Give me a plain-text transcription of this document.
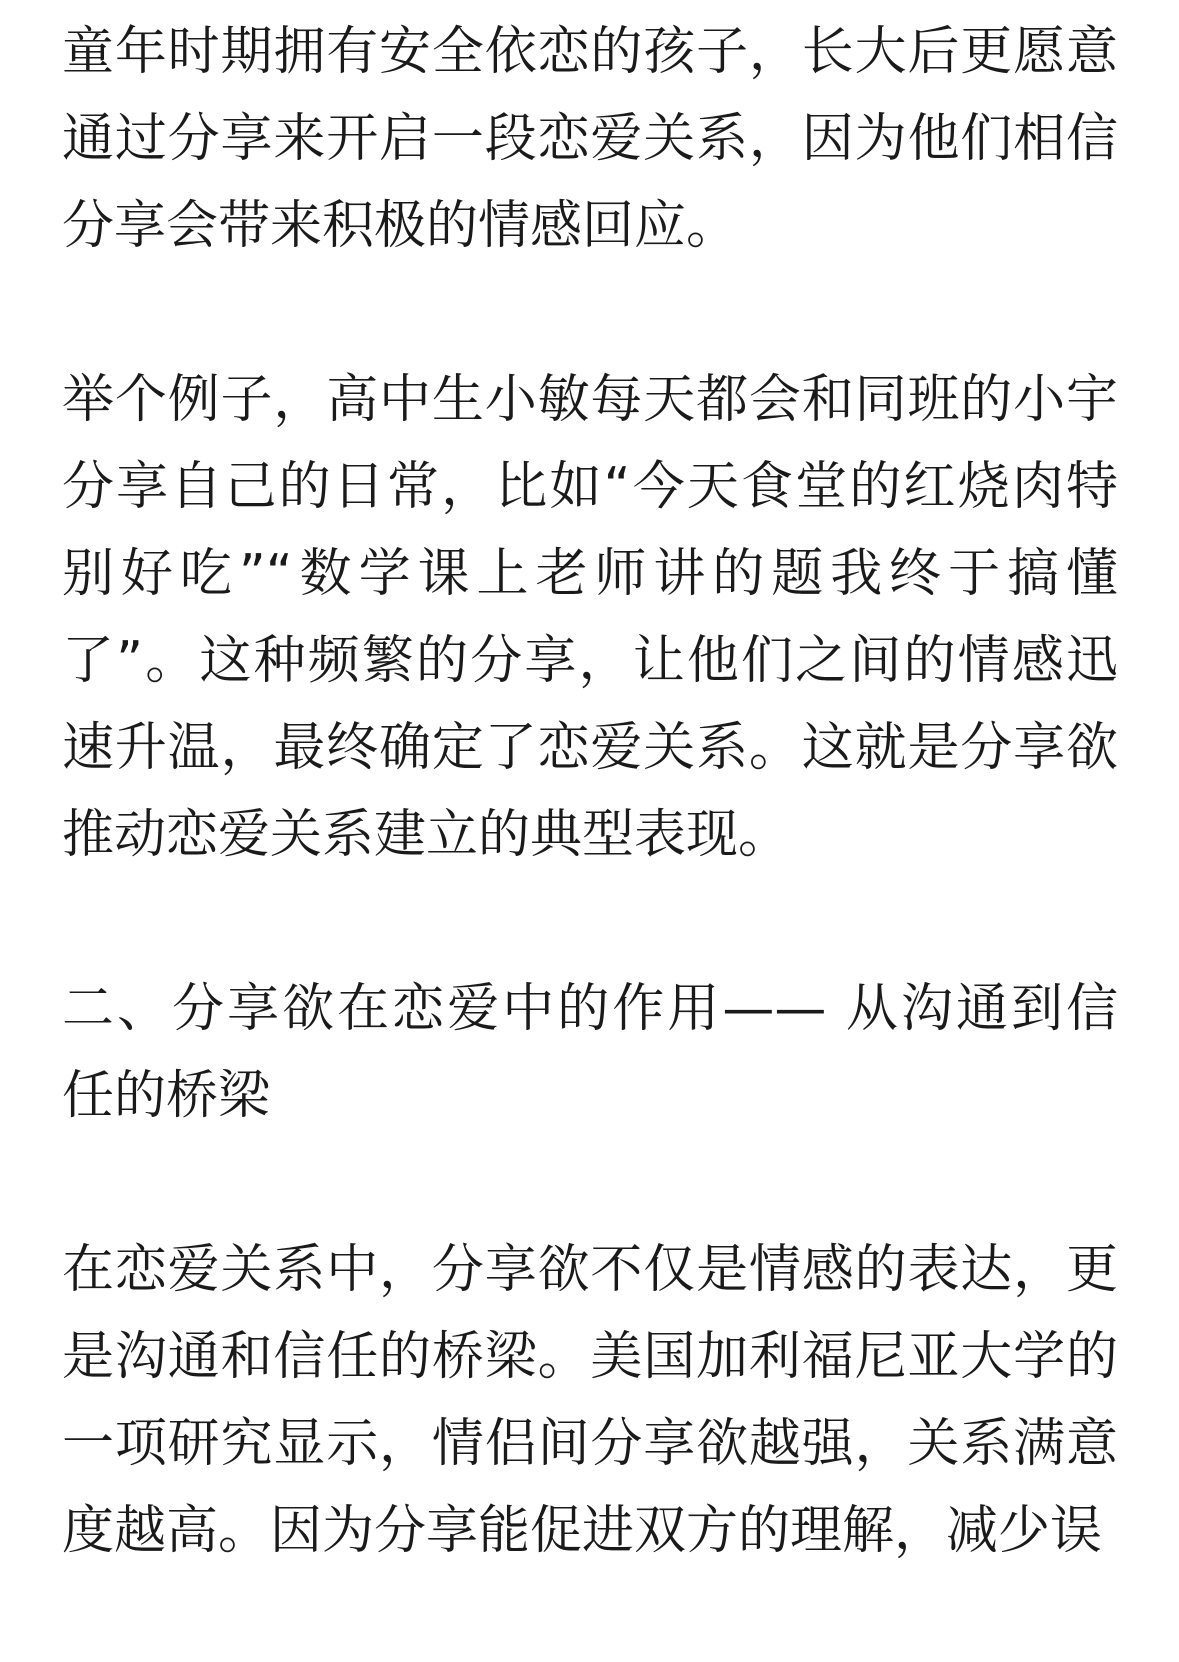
童年时期拥有安全依恋的孩子，长大后更愿意通过分享来开启一段恋爱关系，因为他们相信分享会带来积极的情感回应。

举个例子，高中生小敏每天都会和同班的小宇分享自己的日常，比如“今天食堂的红烧肉特别好吃”“数学课上老师讲的题我终于搞懂了”。这种频繁的分享，让他们之间的情感迅速升温，最终确定了恋爱关系。这就是分享欲推动恋爱关系建立的典型表现。

二、分享欲在恋爱中的作用—— 从沟通到信任的桥梁

在恋爱关系中，分享欲不仅是情感的表达，更是沟通和信任的桥梁。美国加利福尼亚大学的一项研究显示，情侣间分享欲越强，关系满意度越高。因为分享能促进双方的理解，减少误
